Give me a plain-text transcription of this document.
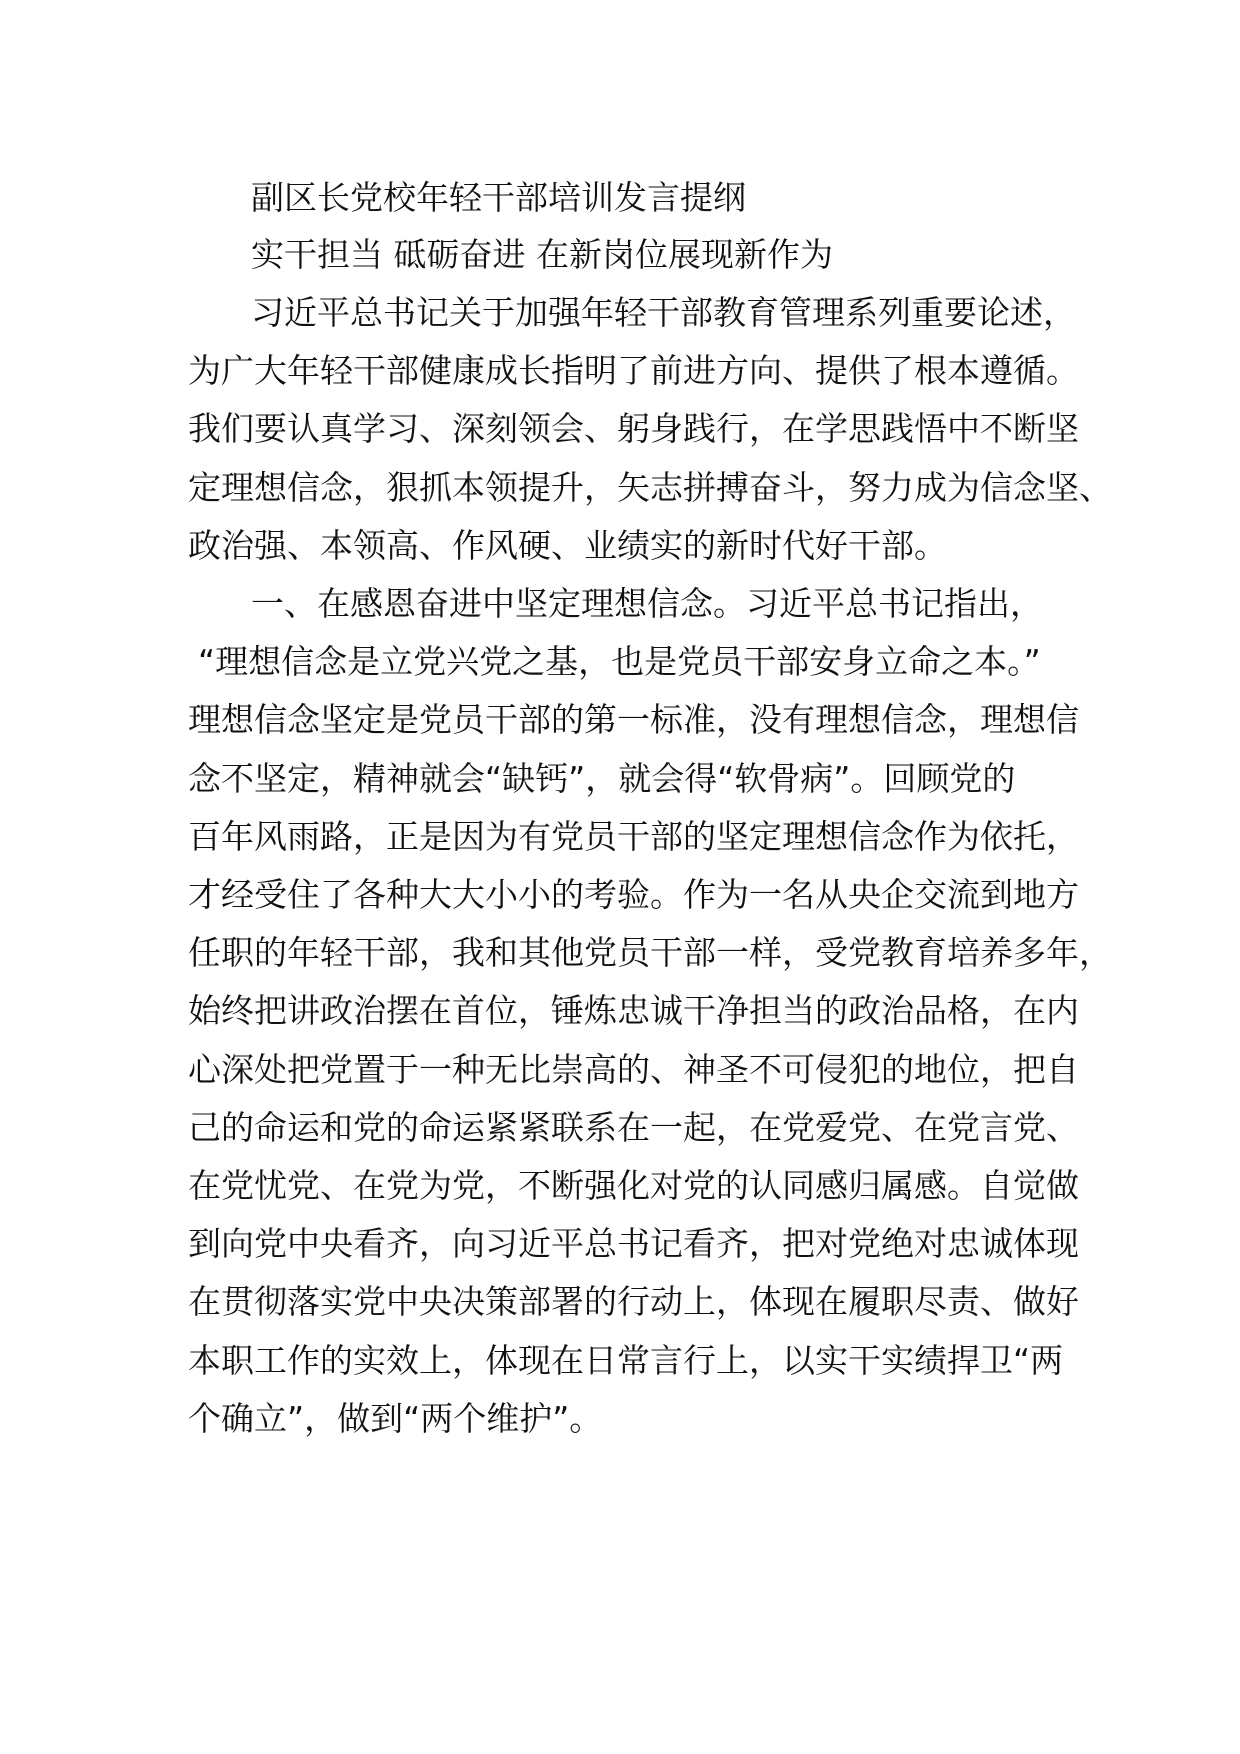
副区长党校年轻干部培训发言提纲
实干担当 砥砺奋进 在新岗位展现新作为
习近平总书记关于加强年轻干部教育管理系列重要论述，
为广大年轻干部健康成长指明了前进方向、提供了根本遵循。
我们要认真学习、深刻领会、躬身践行，在学思践悟中不断坚
定理想信念，狠抓本领提升，矢志拼搏奋斗，努力成为信念坚、
政治强、本领高、作风硬、业绩实的新时代好干部。
一、在感恩奋进中坚定理想信念。习近平总书记指出，
“理想信念是立党兴党之基，也是党员干部安身立命之本。”
理想信念坚定是党员干部的第一标准，没有理想信念，理想信
念不坚定，精神就会“缺钙”，就会得“软骨病”。回顾党的
百年风雨路，正是因为有党员干部的坚定理想信念作为依托，
才经受住了各种大大小小的考验。作为一名从央企交流到地方
任职的年轻干部，我和其他党员干部一样，受党教育培养多年，
始终把讲政治摆在首位，锤炼忠诚干净担当的政治品格，在内
心深处把党置于一种无比崇高的、神圣不可侵犯的地位，把自
己的命运和党的命运紧紧联系在一起，在党爱党、在党言党、
在党忧党、在党为党，不断强化对党的认同感归属感。自觉做
到向党中央看齐，向习近平总书记看齐，把对党绝对忠诚体现
在贯彻落实党中央决策部署的行动上，体现在履职尽责、做好
本职工作的实效上，体现在日常言行上，以实干实绩捍卫“两
个确立”，做到“两个维护”。
